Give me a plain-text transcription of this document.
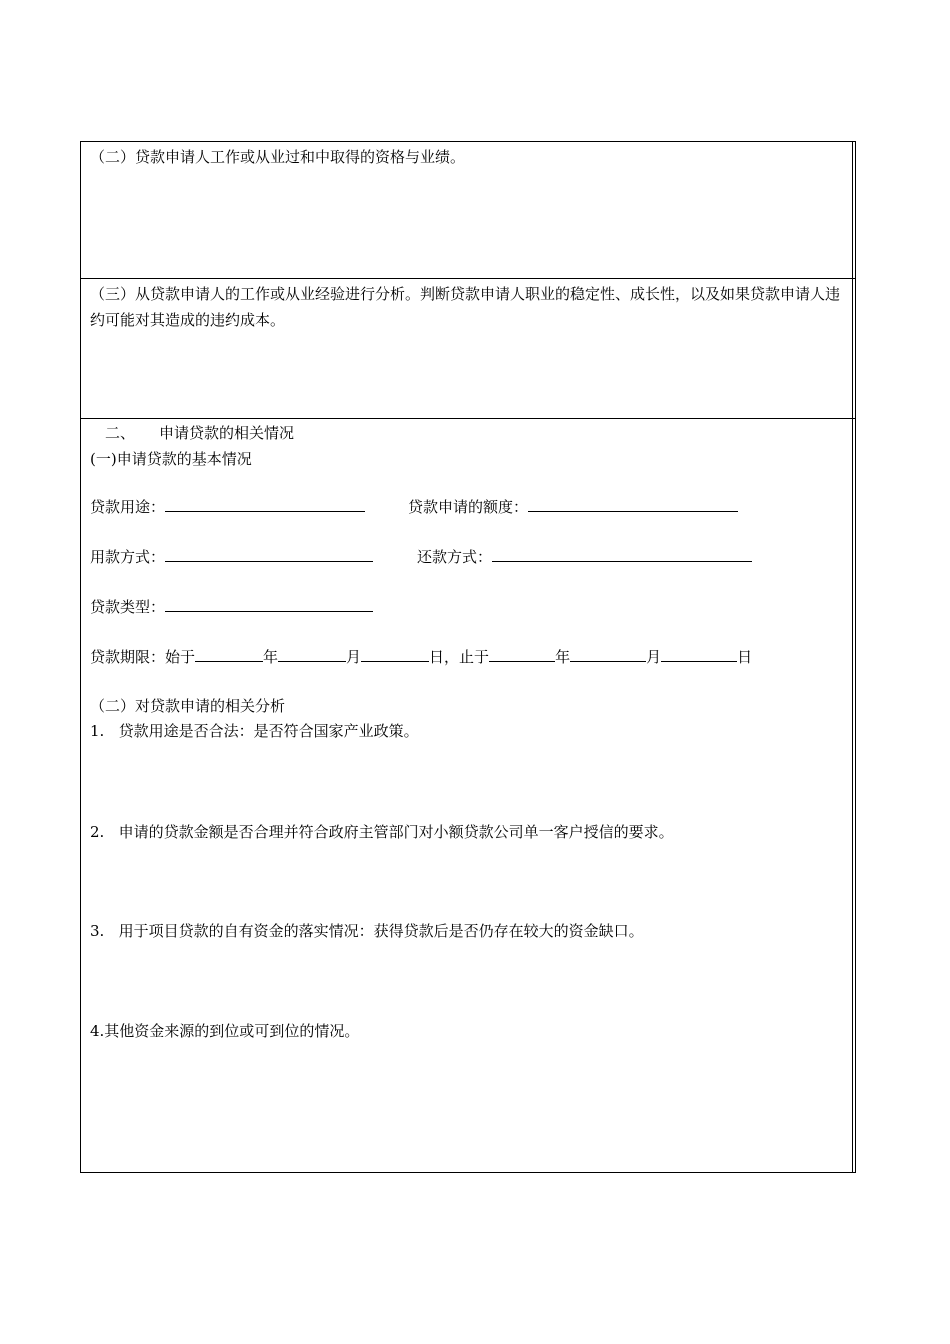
（二）贷款申请人工作或从业过和中取得的资格与业绩。
（三）从贷款申请人的工作或从业经验进行分析。判断贷款申请人职业的稳定性、成长性，以及如果贷款申请人违约可能对其造成的违约成本。
二、 申请贷款的相关情况
(一)申请贷款的基本情况
贷款用途：	贷款申请的额度：
用款方式：	还款方式：
贷款类型：
贷款期限：始于	年	月	日，止于	年	月	日
（二）对贷款申请的相关分析
1.   贷款用途是否合法：是否符合国家产业政策。
2.   申请的贷款金额是否合理并符合政府主管部门对小额贷款公司单一客户授信的要求。
3.   用于项目贷款的自有资金的落实情况：获得贷款后是否仍存在较大的资金缺口。
4.其他资金来源的到位或可到位的情况。
